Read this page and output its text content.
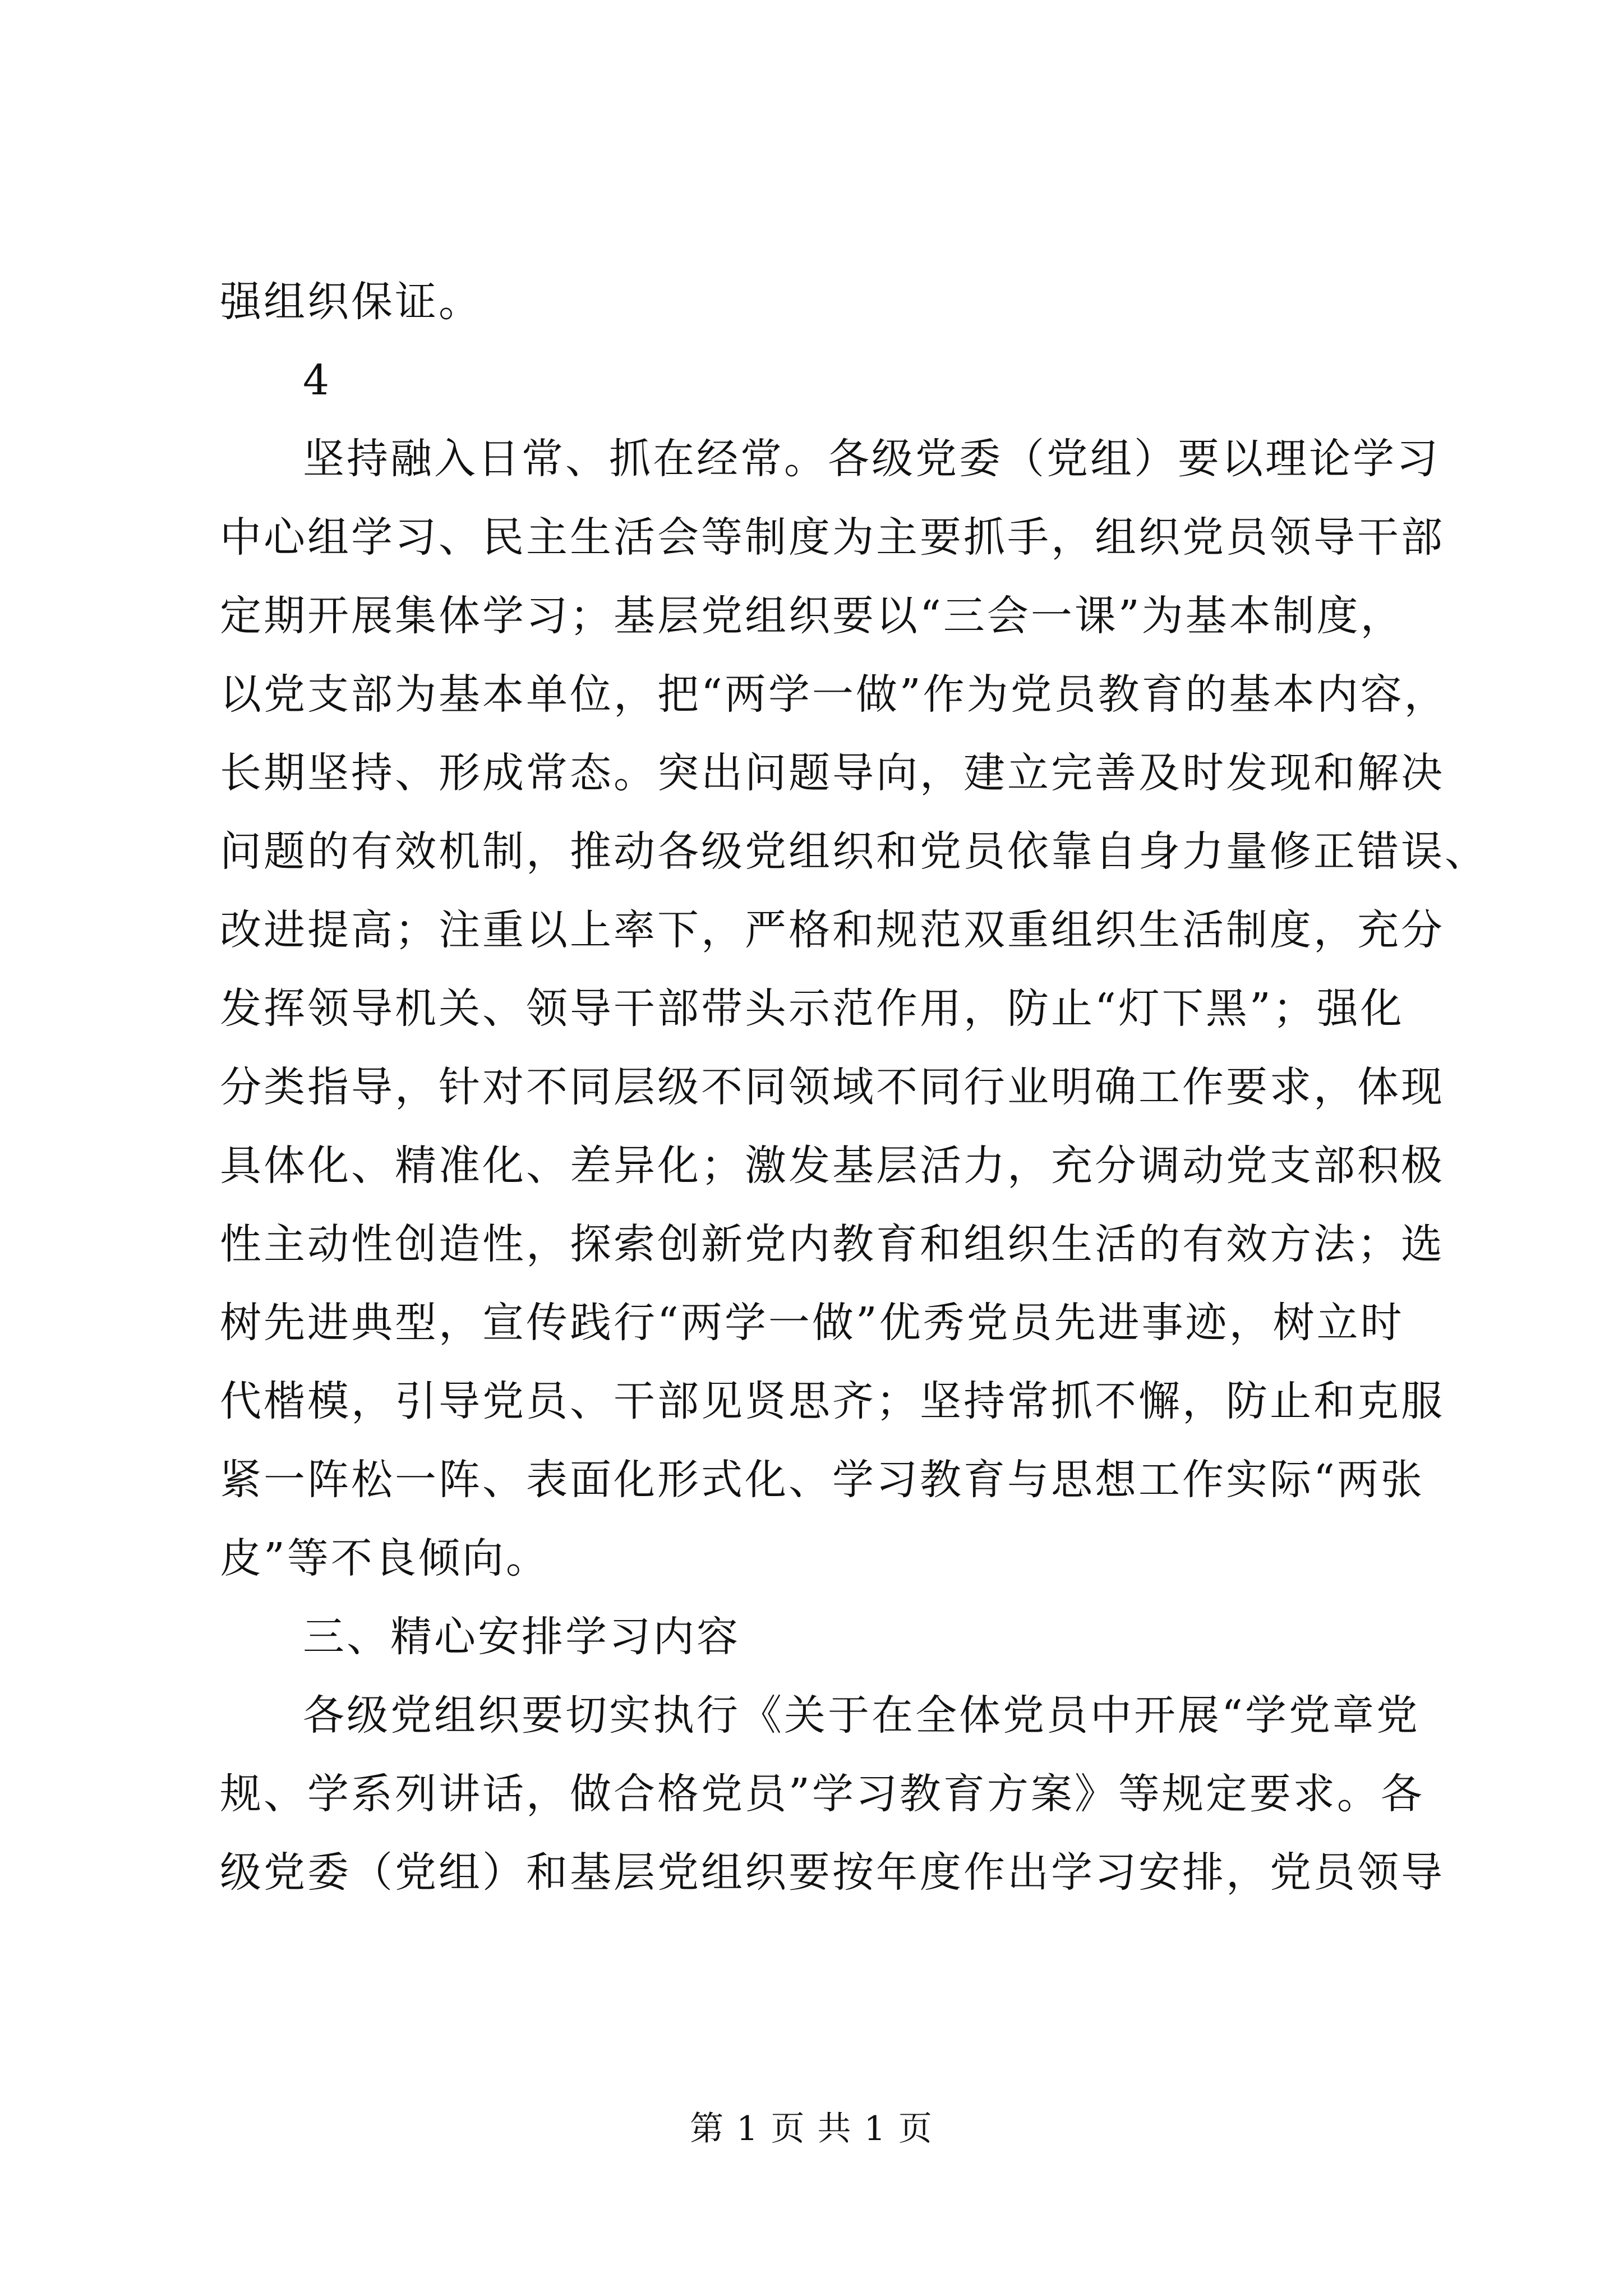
强组织保证。
4
坚持融入日常、抓在经常。各级党委（党组）要以理论学习
中心组学习、民主生活会等制度为主要抓手，组织党员领导干部
定期开展集体学习；基层党组织要以“三会一课”为基本制度，
以党支部为基本单位，把“两学一做”作为党员教育的基本内容，
长期坚持、形成常态。突出问题导向，建立完善及时发现和解决
问题的有效机制，推动各级党组织和党员依靠自身力量修正错误、
改进提高；注重以上率下，严格和规范双重组织生活制度，充分
发挥领导机关、领导干部带头示范作用，防止“灯下黑”；强化
分类指导，针对不同层级不同领域不同行业明确工作要求，体现
具体化、精准化、差异化；激发基层活力，充分调动党支部积极
性主动性创造性，探索创新党内教育和组织生活的有效方法；选
树先进典型，宣传践行“两学一做”优秀党员先进事迹，树立时
代楷模，引导党员、干部见贤思齐；坚持常抓不懈，防止和克服
紧一阵松一阵、表面化形式化、学习教育与思想工作实际“两张
皮”等不良倾向。
三、精心安排学习内容
各级党组织要切实执行《关于在全体党员中开展“学党章党
规、学系列讲话，做合格党员”学习教育方案》等规定要求。各
级党委（党组）和基层党组织要按年度作出学习安排，党员领导
第 1 页 共 1 页
